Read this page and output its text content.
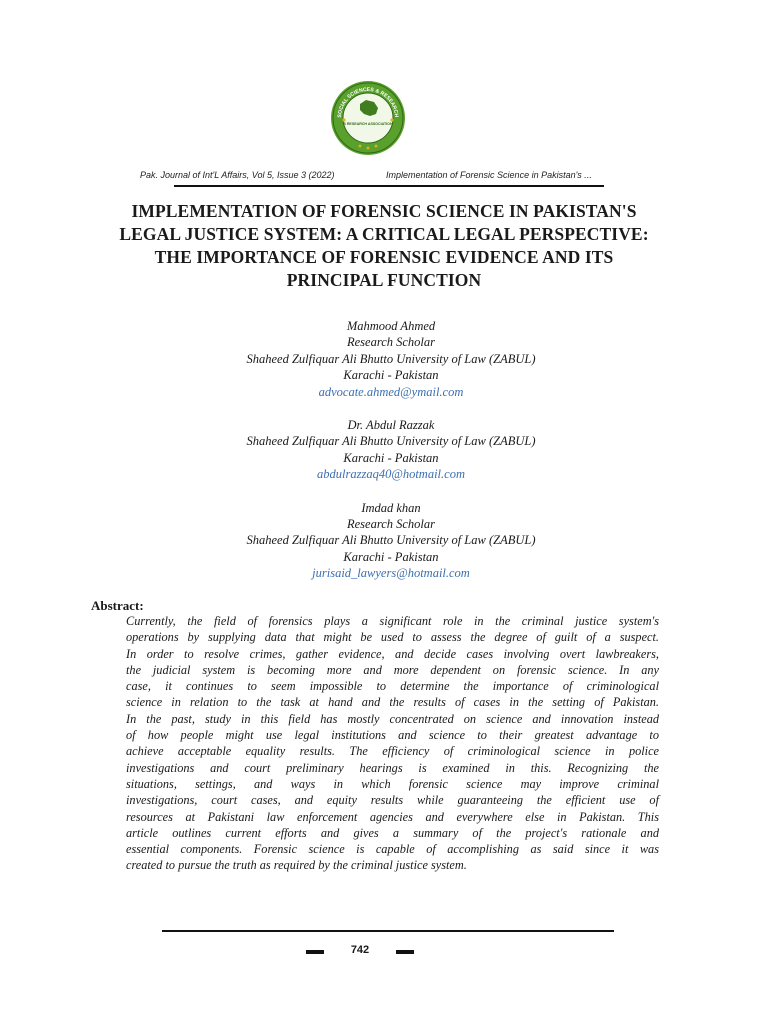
SOCIAL SCIENCES & RESEARCH
S RESEARCH ASSOCIATION
Pak. Journal of Int'L Affairs, Vol 5, Issue 3 (2022)	Implementation of Forensic Science in Pakistan's ...
IMPLEMENTATION OF FORENSIC SCIENCE IN PAKISTAN'S
LEGAL JUSTICE SYSTEM: A CRITICAL LEGAL PERSPECTIVE:
THE IMPORTANCE OF FORENSIC EVIDENCE AND ITS
PRINCIPAL FUNCTION
Mahmood Ahmed
Research Scholar
Shaheed Zulfiquar Ali Bhutto University of Law (ZABUL)
Karachi - Pakistan
advocate.ahmed@ymail.com
Dr. Abdul Razzak
Shaheed Zulfiquar Ali Bhutto University of Law (ZABUL)
Karachi - Pakistan
abdulrazzaq40@hotmail.com
Imdad khan
Research Scholar
Shaheed Zulfiquar Ali Bhutto University of Law (ZABUL)
Karachi - Pakistan
jurisaid_lawyers@hotmail.com
Abstract:
Currently, the field of forensics plays a significant role in the criminal justice system's
operations by supplying data that might be used to assess the degree of guilt of a suspect.
In order to resolve crimes, gather evidence, and decide cases involving overt lawbreakers,
the judicial system is becoming more and more dependent on forensic science. In any
case, it continues to seem impossible to determine the importance of criminological
science in relation to the task at hand and the results of cases in the setting of Pakistan.
In the past, study in this field has mostly concentrated on science and innovation instead
of how people might use legal institutions and science to their greatest advantage to
achieve acceptable equality results. The efficiency of criminological science in police
investigations and court preliminary hearings is examined in this. Recognizing the
situations, settings, and ways in which forensic science may improve criminal
investigations, court cases, and equity results while guaranteeing the efficient use of
resources at Pakistani law enforcement agencies and everywhere else in Pakistan. This
article outlines current efforts and gives a summary of the project's rationale and
essential components. Forensic science is capable of accomplishing as said since it was
created to pursue the truth as required by the criminal justice system.
742
